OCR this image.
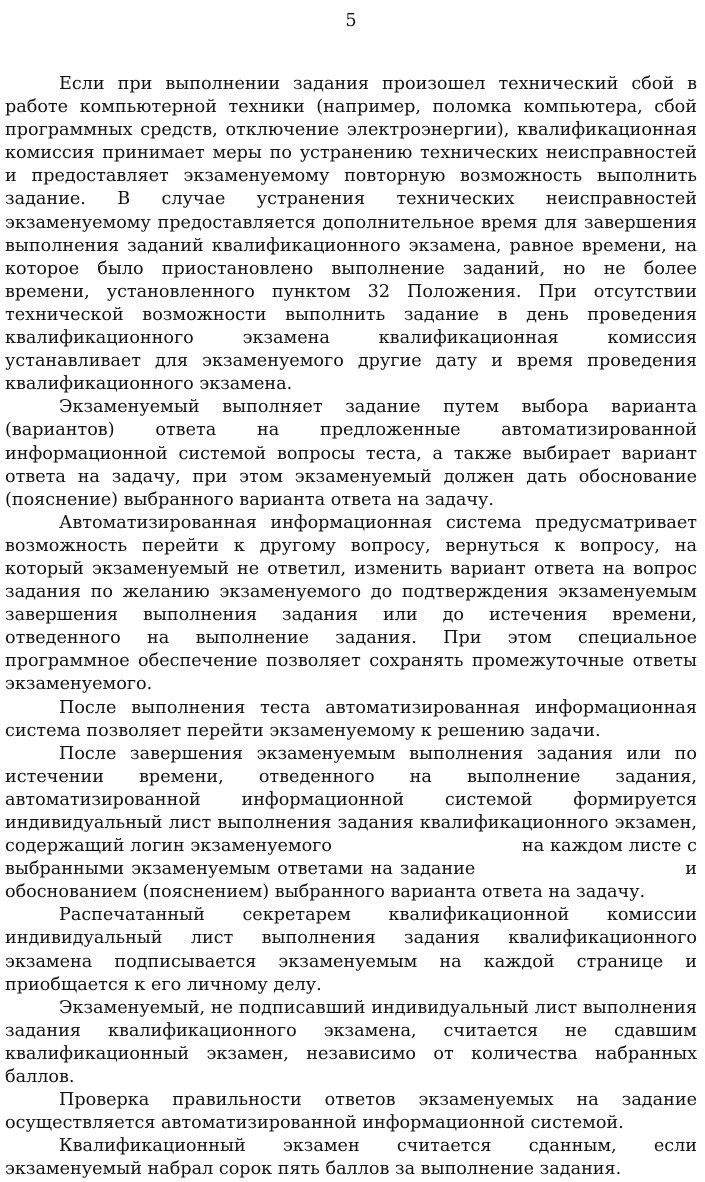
5

Если при выполнении задания произошел технический сбой в работе компьютерной техники (например, поломка компьютера, сбой программных средств, отключение электроэнергии), квалификационная комиссия принимает меры по устранению технических неисправностей и предоставляет экзаменуемому повторную возможность выполнить задание. В случае устранения технических неисправностей экзаменуемому предоставляется дополнительное время для завершения выполнения заданий квалификационного экзамена, равное времени, на которое было приостановлено выполнение заданий, но не более времени, установленного пунктом 32 Положения. При отсутствии технической возможности выполнить задание в день проведения квалификационного экзамена квалификационная комиссия устанавливает для экзаменуемого другие дату и время проведения квалификационного экзамена.

Экзаменуемый выполняет задание путем выбора варианта (вариантов) ответа на предложенные автоматизированной информационной системой вопросы теста, а также выбирает вариант ответа на задачу, при этом экзаменуемый должен дать обоснование (пояснение) выбранного варианта ответа на задачу.

Автоматизированная информационная система предусматривает возможность перейти к другому вопросу, вернуться к вопросу, на который экзаменуемый не ответил, изменить вариант ответа на вопрос задания по желанию экзаменуемого до подтверждения экзаменуемым завершения выполнения задания или до истечения времени, отведенного на выполнение задания. При этом специальное программное обеспечение позволяет сохранять промежуточные ответы экзаменуемого.

После выполнения теста автоматизированная информационная система позволяет перейти экзаменуемому к решению задачи.

После завершения экзаменуемым выполнения задания или по истечении времени, отведенного на выполнение задания, автоматизированной информационной системой формируется индивидуальный лист выполнения задания квалификационного экзамен, содержащий логин экзаменуемого	на каждом листе с выбранными экзаменуемым ответами на задание	и обоснованием (пояснением) выбранного варианта ответа на задачу.

Распечатанный секретарем квалификационной комиссии индивидуальный лист выполнения задания квалификационного экзамена подписывается экзаменуемым на каждой странице и приобщается к его личному делу.

Экзаменуемый, не подписавший индивидуальный лист выполнения задания квалификационного экзамена, считается не сдавшим квалификационный экзамен, независимо от количества набранных баллов.

Проверка правильности ответов экзаменуемых на задание осуществляется автоматизированной информационной системой.

Квалификационный экзамен считается сданным, если экзаменуемый набрал сорок пять баллов за выполнение задания.
